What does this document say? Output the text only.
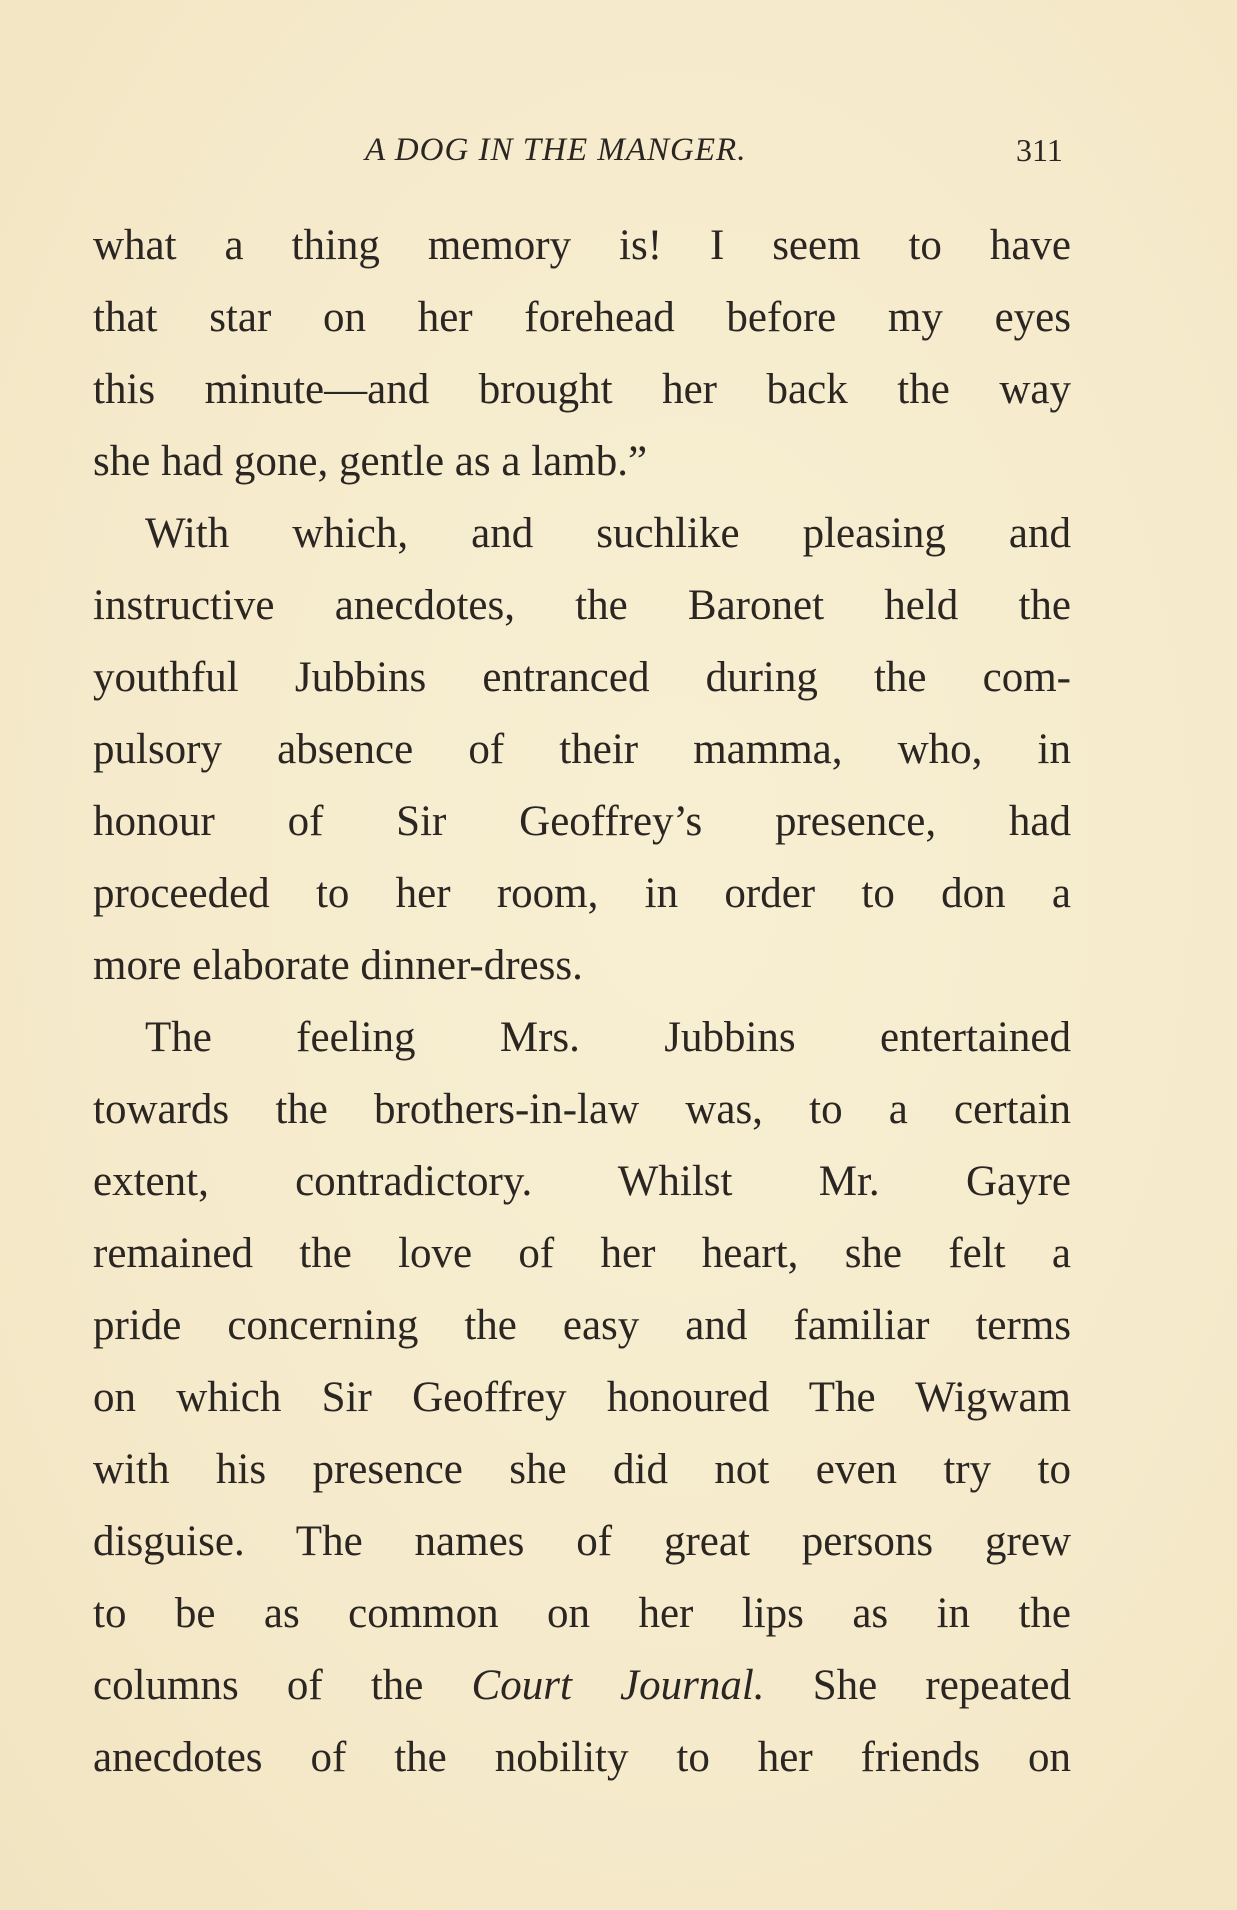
A DOG IN THE MANGER.	311
what a thing memory is! I seem to have
that star on her forehead before my eyes
this minute—and brought her back the way
she had gone, gentle as a lamb.”
With which, and suchlike pleasing and
instructive anecdotes, the Baronet held the
youthful Jubbins entranced during the com-
pulsory absence of their mamma, who, in
honour of Sir Geoffrey’s presence, had
proceeded to her room, in order to don a
more elaborate dinner-dress.
The feeling Mrs. Jubbins entertained
towards the brothers-in-law was, to a certain
extent, contradictory. Whilst Mr. Gayre
remained the love of her heart, she felt a
pride concerning the easy and familiar terms
on which Sir Geoffrey honoured The Wigwam
with his presence she did not even try to
disguise. The names of great persons grew
to be as common on her lips as in the
columns of the Court Journal. She repeated
anecdotes of the nobility to her friends on
